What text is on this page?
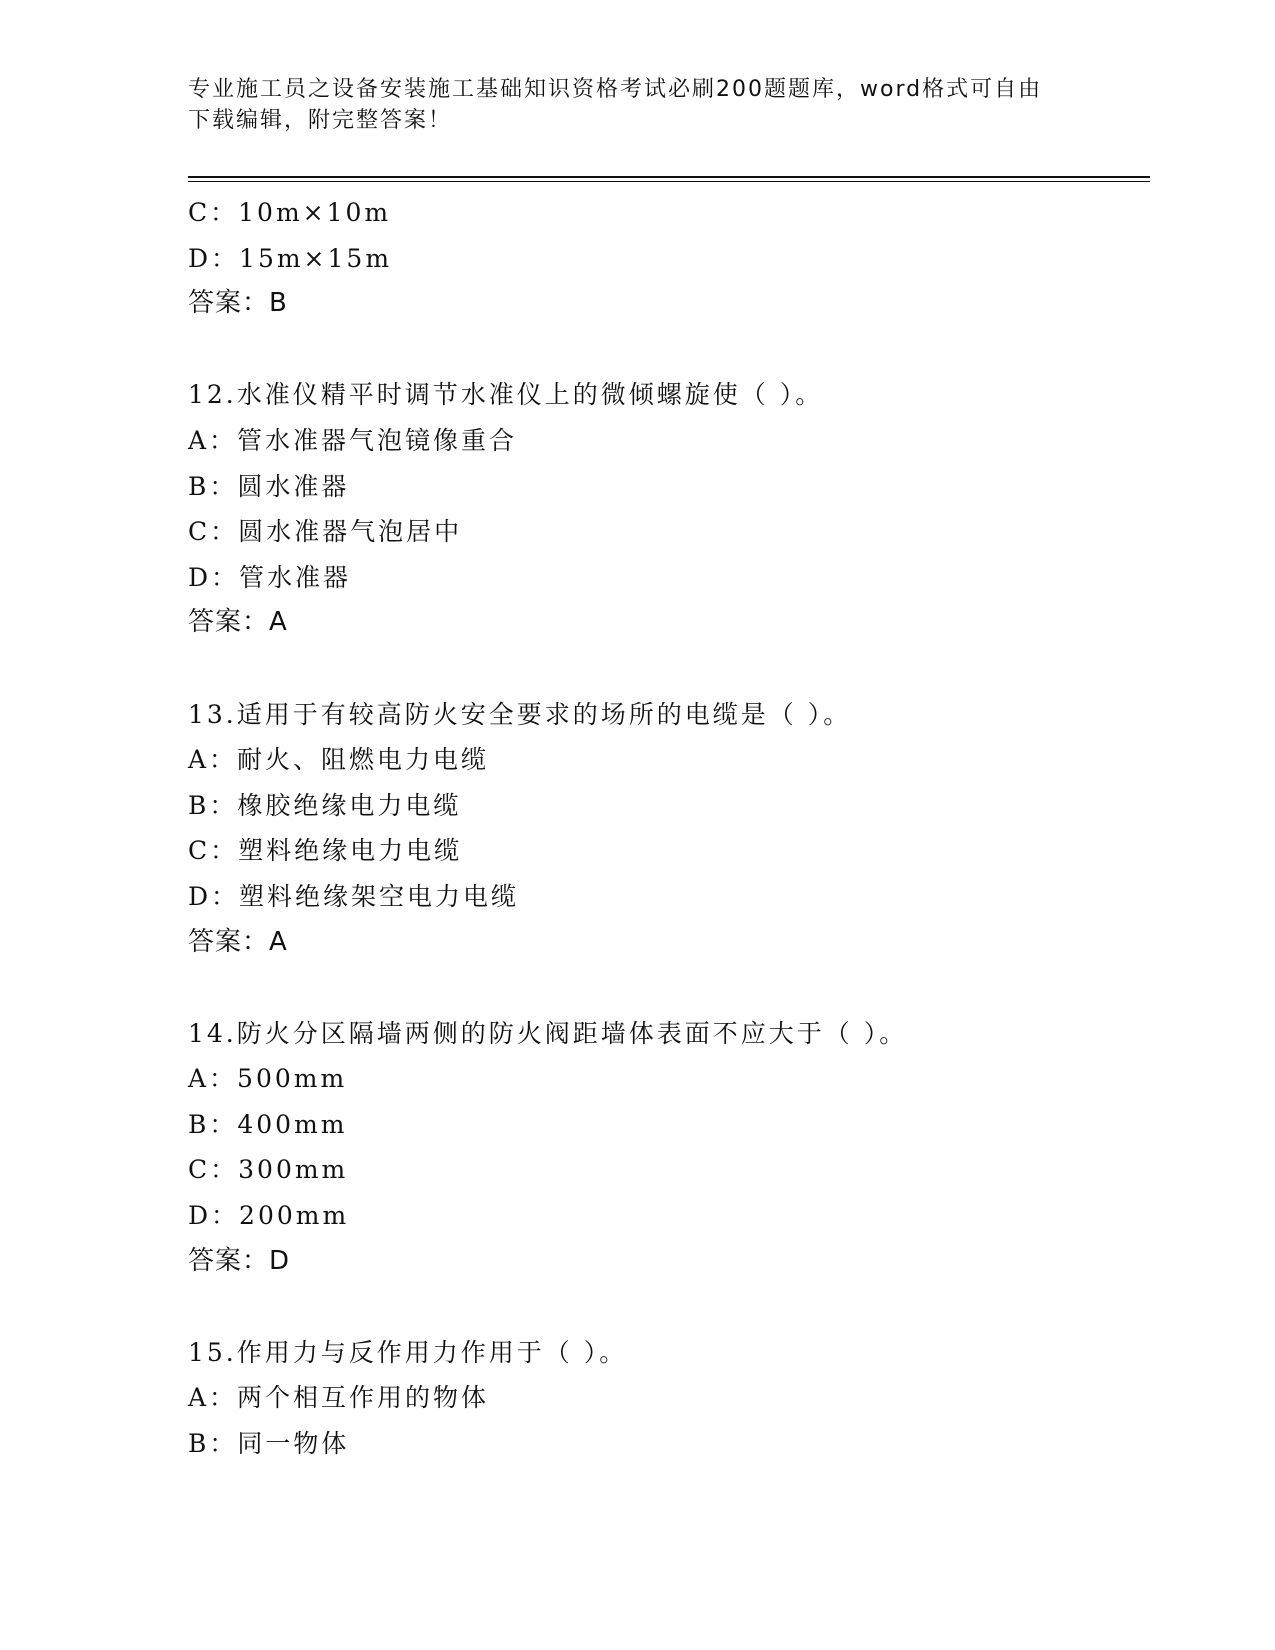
专业施工员之设备安装施工基础知识资格考试必刷200题题库，word格式可自由
下载编辑，附完整答案！
C：10m×10m
D：15m×15m
答案：B
12.水准仪精平时调节水准仪上的微倾螺旋使（ ）。
A：管水准器气泡镜像重合
B：圆水准器
C：圆水准器气泡居中
D：管水准器
答案：A
13.适用于有较高防火安全要求的场所的电缆是（ ）。
A：耐火、阻燃电力电缆
B：橡胶绝缘电力电缆
C：塑料绝缘电力电缆
D：塑料绝缘架空电力电缆
答案：A
14.防火分区隔墙两侧的防火阀距墙体表面不应大于（ ）。
A：500mm
B：400mm
C：300mm
D：200mm
答案：D
15.作用力与反作用力作用于（ ）。
A：两个相互作用的物体
B：同一物体
